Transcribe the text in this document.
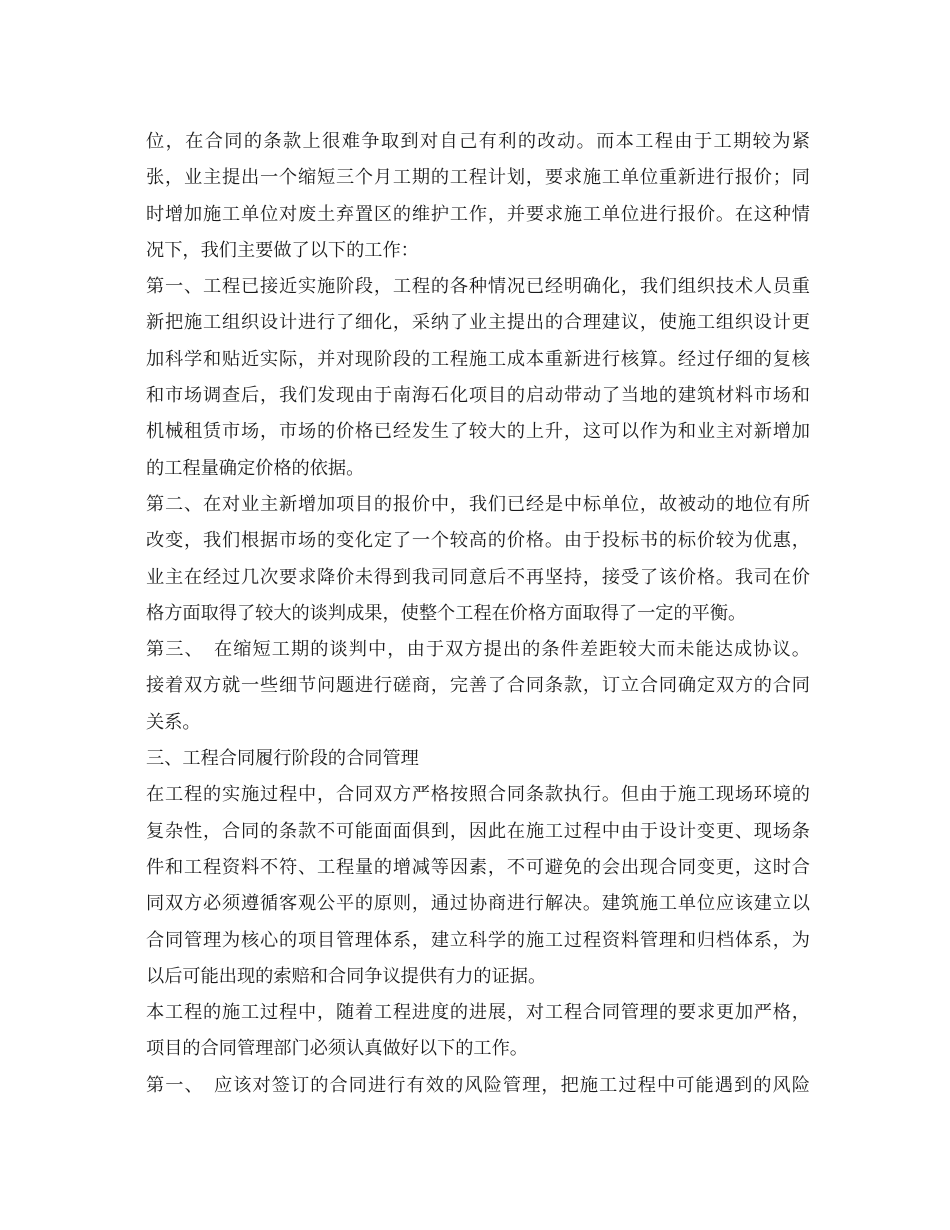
位，在合同的条款上很难争取到对自己有利的改动。而本工程由于工期较为紧
张，业主提出一个缩短三个月工期的工程计划，要求施工单位重新进行报价；同
时增加施工单位对废土弃置区的维护工作，并要求施工单位进行报价。在这种情
况下，我们主要做了以下的工作：

第一、工程已接近实施阶段，工程的各种情况已经明确化，我们组织技术人员重
新把施工组织设计进行了细化，采纳了业主提出的合理建议，使施工组织设计更
加科学和贴近实际，并对现阶段的工程施工成本重新进行核算。经过仔细的复核
和市场调查后，我们发现由于南海石化项目的启动带动了当地的建筑材料市场和
机械租赁市场，市场的价格已经发生了较大的上升，这可以作为和业主对新增加
的工程量确定价格的依据。

第二、在对业主新增加项目的报价中，我们已经是中标单位，故被动的地位有所
改变，我们根据市场的变化定了一个较高的价格。由于投标书的标价较为优惠，
业主在经过几次要求降价未得到我司同意后不再坚持，接受了该价格。我司在价
格方面取得了较大的谈判成果，使整个工程在价格方面取得了一定的平衡。

第三、　在缩短工期的谈判中，由于双方提出的条件差距较大而未能达成协议。
接着双方就一些细节问题进行磋商，完善了合同条款，订立合同确定双方的合同
关系。

三、工程合同履行阶段的合同管理

在工程的实施过程中，合同双方严格按照合同条款执行。但由于施工现场环境的
复杂性，合同的条款不可能面面俱到，因此在施工过程中由于设计变更、现场条
件和工程资料不符、工程量的增减等因素，不可避免的会出现合同变更，这时合
同双方必须遵循客观公平的原则，通过协商进行解决。建筑施工单位应该建立以
合同管理为核心的项目管理体系，建立科学的施工过程资料管理和归档体系，为
以后可能出现的索赔和合同争议提供有力的证据。

本工程的施工过程中，随着工程进度的进展，对工程合同管理的要求更加严格，
项目的合同管理部门必须认真做好以下的工作。

第一、　应该对签订的合同进行有效的风险管理，把施工过程中可能遇到的风险
